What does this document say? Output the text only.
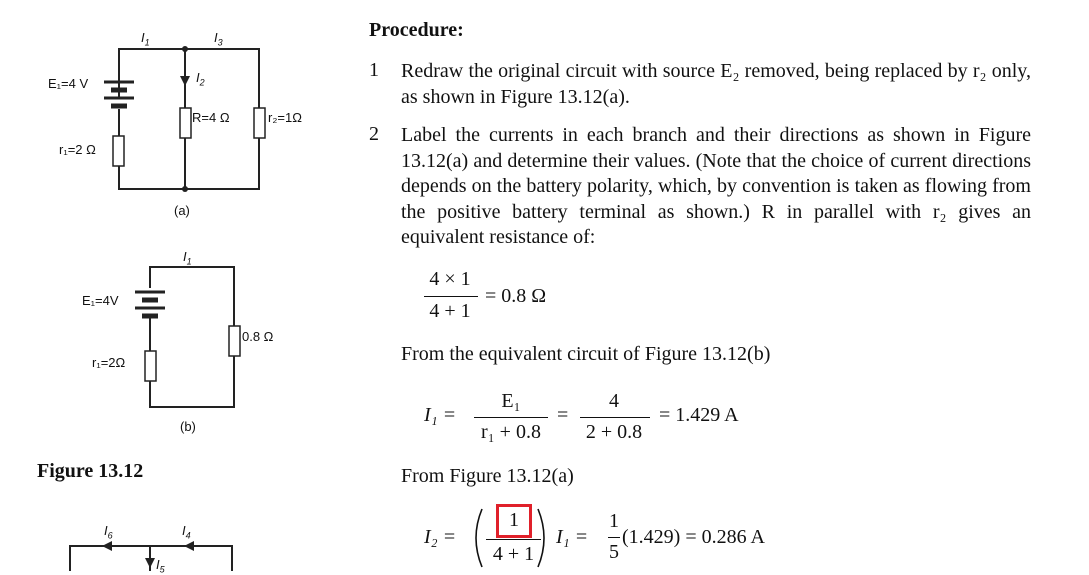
$I_1$	$I_3$
$I_2$
E₁=4 V
r₁=2 Ω
R=4 Ω	r₂=1Ω
(a)
$I_1$
E₁=4V
r₁=2Ω
0.8 Ω
(b)
$I_6$	$I_4$
$I_5$
Figure 13.12
Procedure:
1 Redraw the original circuit with source E₂ removed, being replaced by r₂ only, as shown in Figure 13.12(a).
2 Label the currents in each branch and their directions as shown in Figure 13.12(a) and determine their values. (Note that the choice of current directions depends on the battery polarity, which, by convention is taken as flowing from the positive battery terminal as shown.) R in parallel with r₂ gives an equivalent resistance of:
4 × 1
4 + 1
= 0.8 Ω
From the equivalent circuit of Figure 13.12(b)
I₁ =
E₁
r₁ + 0.8
=
4
2 + 0.8
= 1.429 A
From Figure 13.12(a)
I₂ =
1
4 + 1
I₁ =
1
5
(1.429) = 0.286 A
